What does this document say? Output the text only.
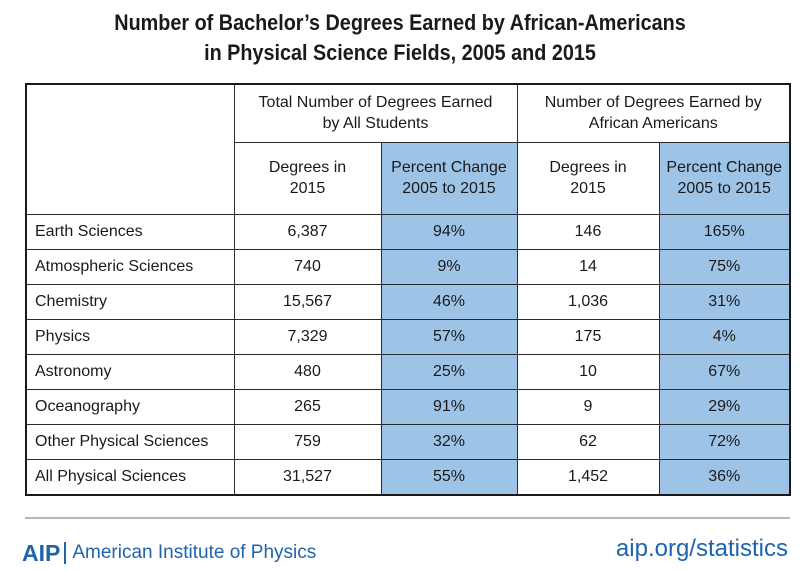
Number of Bachelor’s Degrees Earned by African-Americans
in Physical Science Fields, 2005 and 2015
	Total Number of Degrees Earned by All Students		Number of Degrees Earned by African Americans	
	Degrees in 2015	Percent Change 2005 to 2015	Degrees in 2015	Percent Change 2005 to 2015
Earth Sciences	6,387	94%	146	165%
Atmospheric Sciences	740	9%	14	75%
Chemistry	15,567	46%	1,036	31%
Physics	7,329	57%	175	4%
Astronomy	480	25%	10	67%
Oceanography	265	91%	9	29%
Other Physical Sciences	759	32%	62	72%
All Physical Sciences	31,527	55%	1,452	36%
AIP American Institute of Physics	aip.org/statistics
